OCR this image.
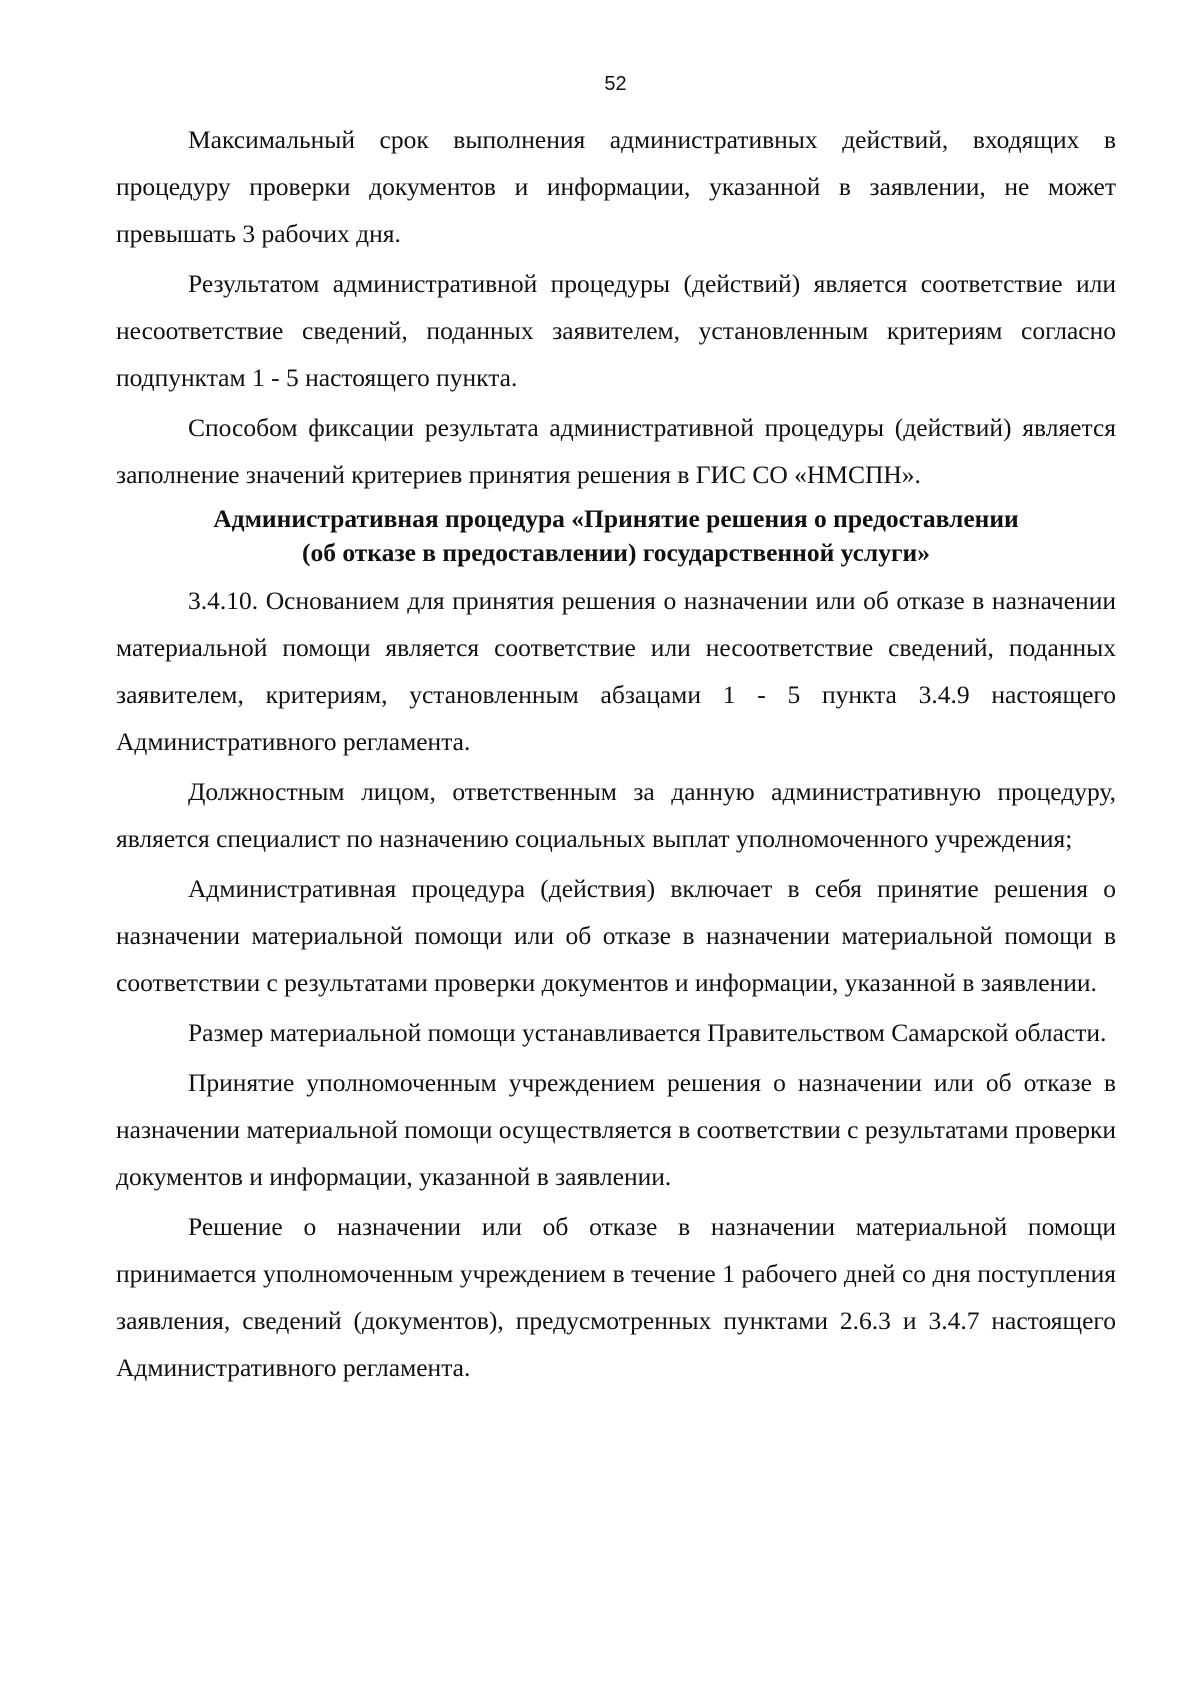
52

Максимальный срок выполнения административных действий, входящих в процедуру проверки документов и информации, указанной в заявлении, не может превышать 3 рабочих дня.

Результатом административной процедуры (действий) является соответствие или несоответствие сведений, поданных заявителем, установленным критериям согласно подпунктам 1 - 5 настоящего пункта.

Способом фиксации результата административной процедуры (действий) является заполнение значений критериев принятия решения в ГИС СО «НМСПН».

Административная процедура «Принятие решения о предоставлении
(об отказе в предоставлении) государственной услуги»

3.4.10. Основанием для принятия решения о назначении или об отказе в назначении материальной помощи является соответствие или несоответствие сведений, поданных заявителем, критериям, установленным абзацами 1 - 5 пункта 3.4.9 настоящего Административного регламента.

Должностным лицом, ответственным за данную административную процедуру, является специалист по назначению социальных выплат уполномоченного учреждения;

Административная процедура (действия) включает в себя принятие решения о назначении материальной помощи или об отказе в назначении материальной помощи в соответствии с результатами проверки документов и информации, указанной в заявлении.

Размер материальной помощи устанавливается Правительством Самарской области.

Принятие уполномоченным учреждением решения о назначении или об отказе в назначении материальной помощи осуществляется в соответствии с результатами проверки документов и информации, указанной в заявлении.

Решение о назначении или об отказе в назначении материальной помощи принимается уполномоченным учреждением в течение 1 рабочего дней со дня поступления заявления, сведений (документов), предусмотренных пунктами 2.6.3 и 3.4.7 настоящего Административного регламента.
